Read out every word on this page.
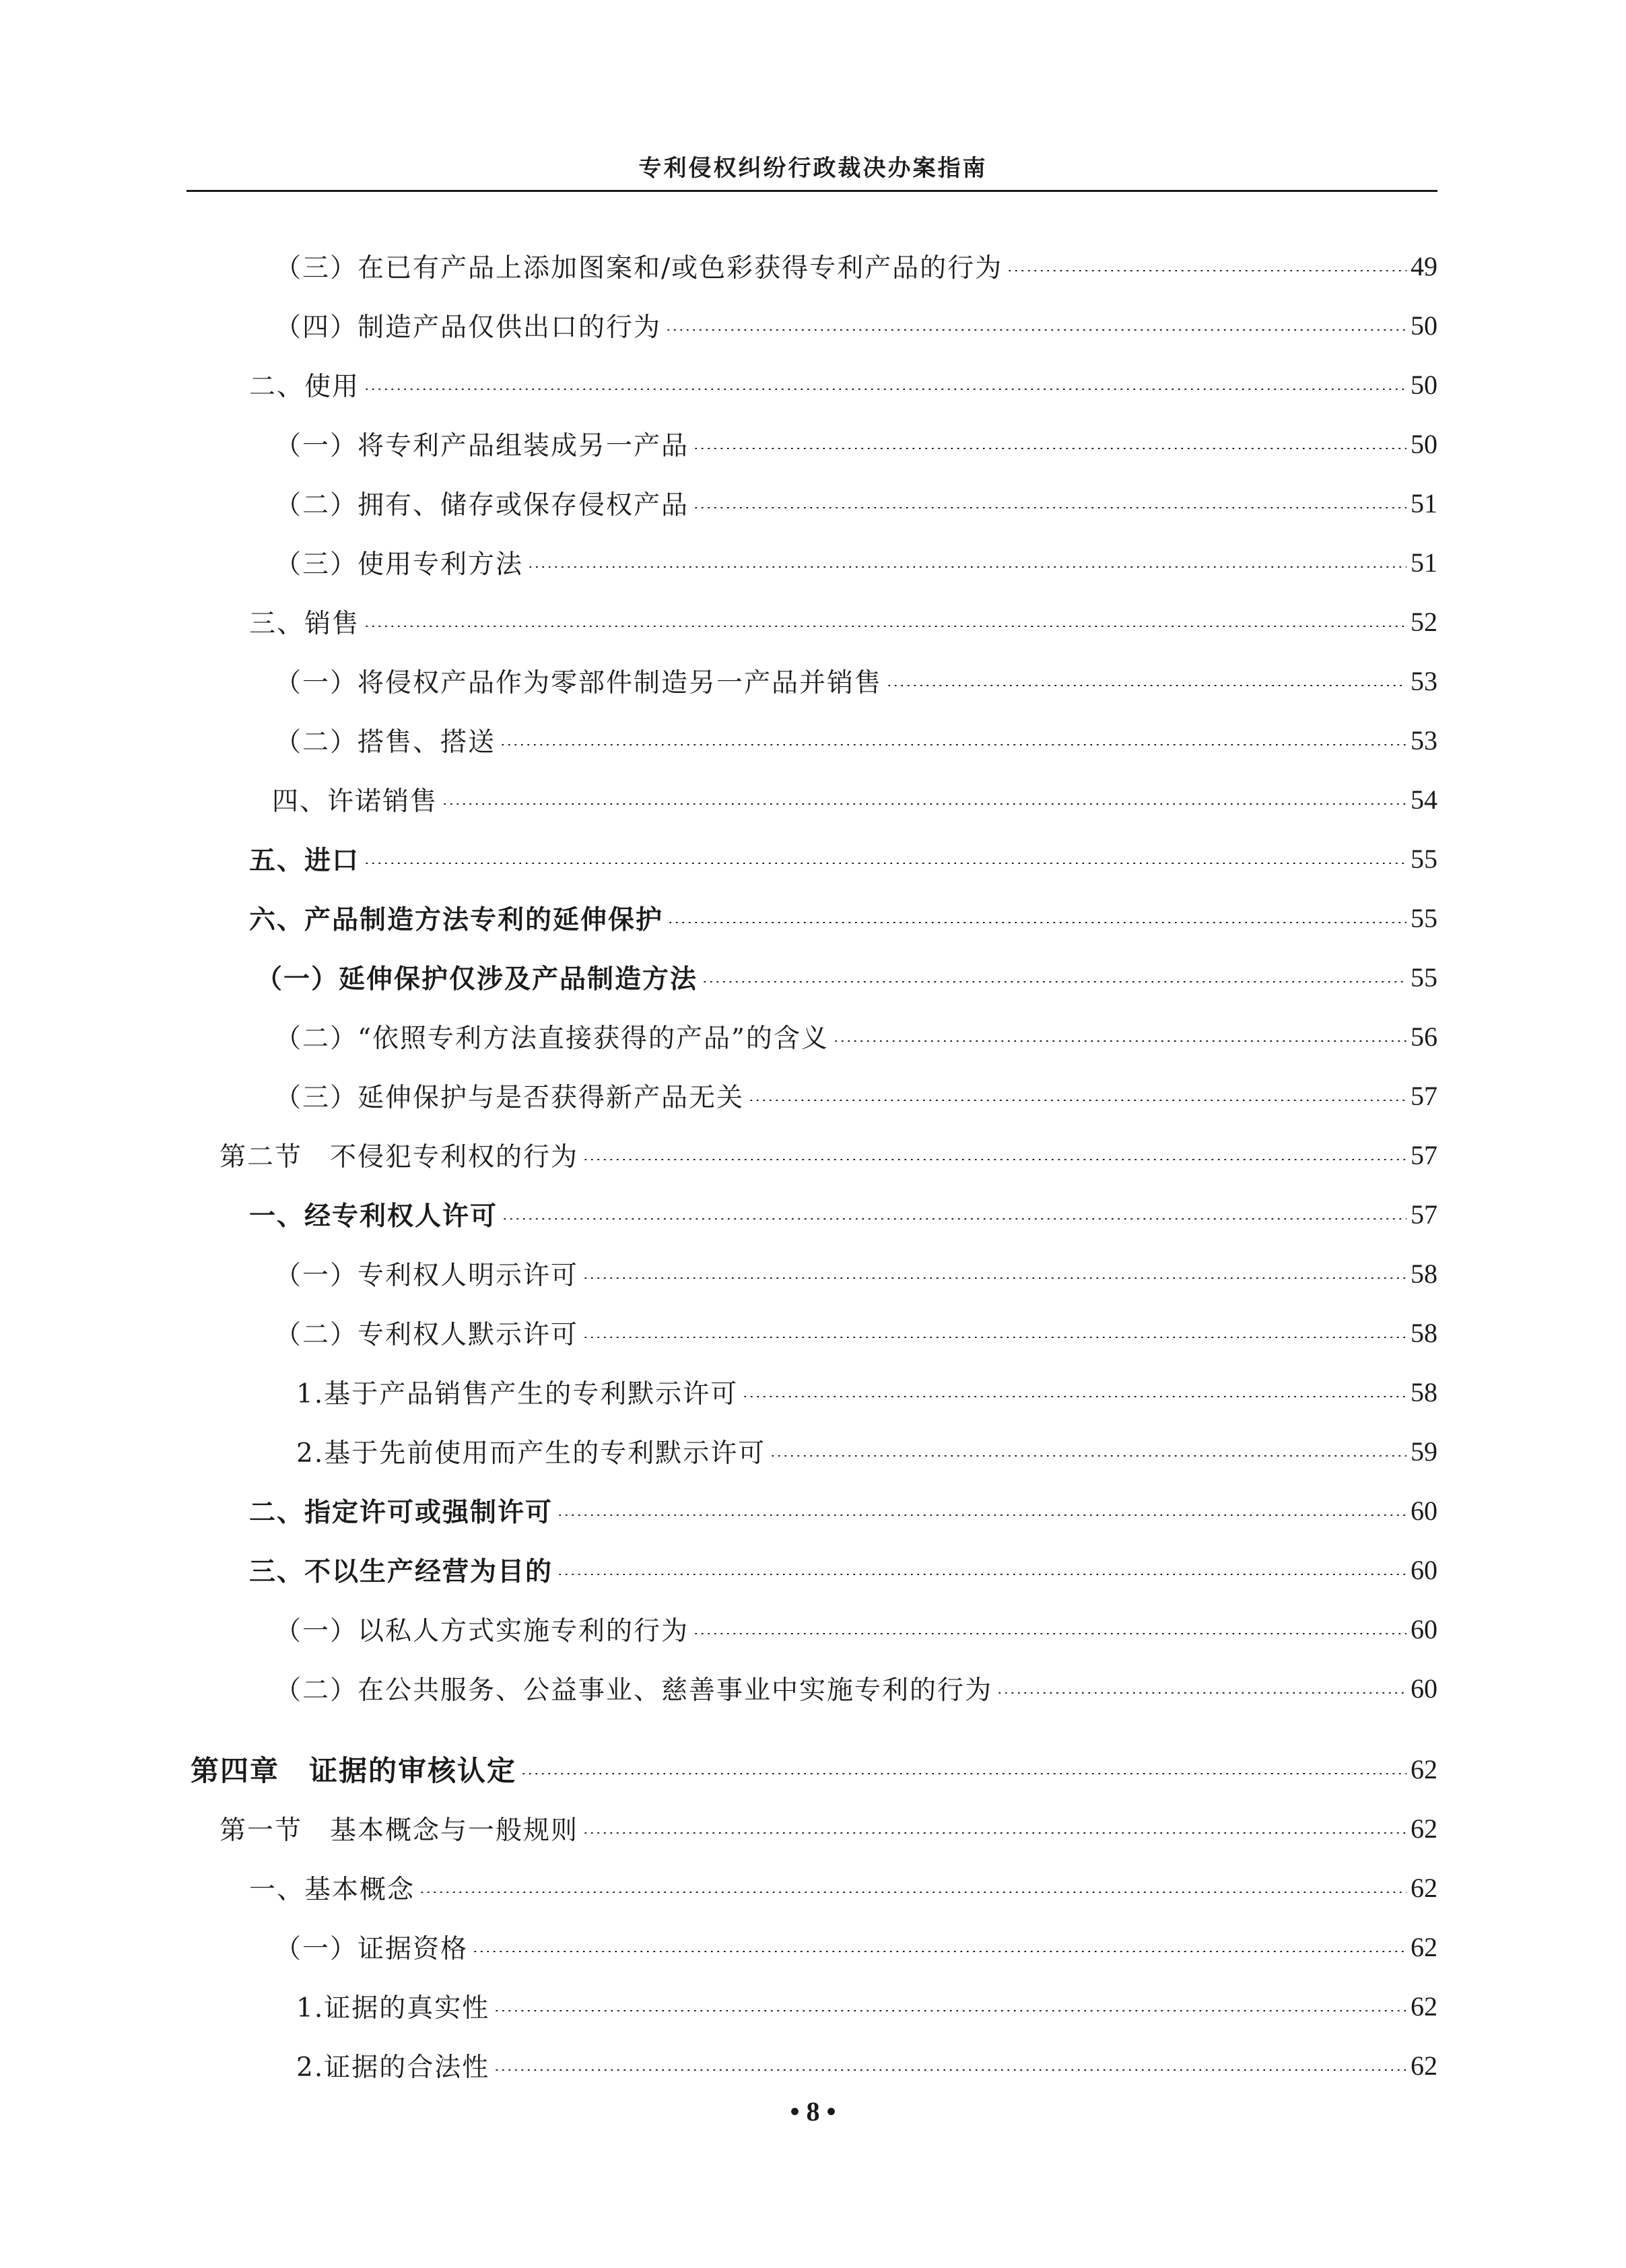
专利侵权纠纷行政裁决办案指南
（三）在已有产品上添加图案和/或色彩获得专利产品的行为	49
（四）制造产品仅供出口的行为	50
二、使用	50
（一）将专利产品组装成另一产品	50
（二）拥有、储存或保存侵权产品	51
（三）使用专利方法	51
三、销售	52
（一）将侵权产品作为零部件制造另一产品并销售	53
（二）搭售、搭送	53
四、许诺销售	54
五、进口	55
六、产品制造方法专利的延伸保护	55
（一）延伸保护仅涉及产品制造方法	55
（二）“依照专利方法直接获得的产品”的含义	56
（三）延伸保护与是否获得新产品无关	57
第二节　不侵犯专利权的行为	57
一、经专利权人许可	57
（一）专利权人明示许可	58
（二）专利权人默示许可	58
1.基于产品销售产生的专利默示许可	58
2.基于先前使用而产生的专利默示许可	59
二、指定许可或强制许可	60
三、不以生产经营为目的	60
（一）以私人方式实施专利的行为	60
（二）在公共服务、公益事业、慈善事业中实施专利的行为	60
第四章　证据的审核认定	62
第一节　基本概念与一般规则	62
一、基本概念	62
（一）证据资格	62
1.证据的真实性	62
2.证据的合法性	62
• 8 •
